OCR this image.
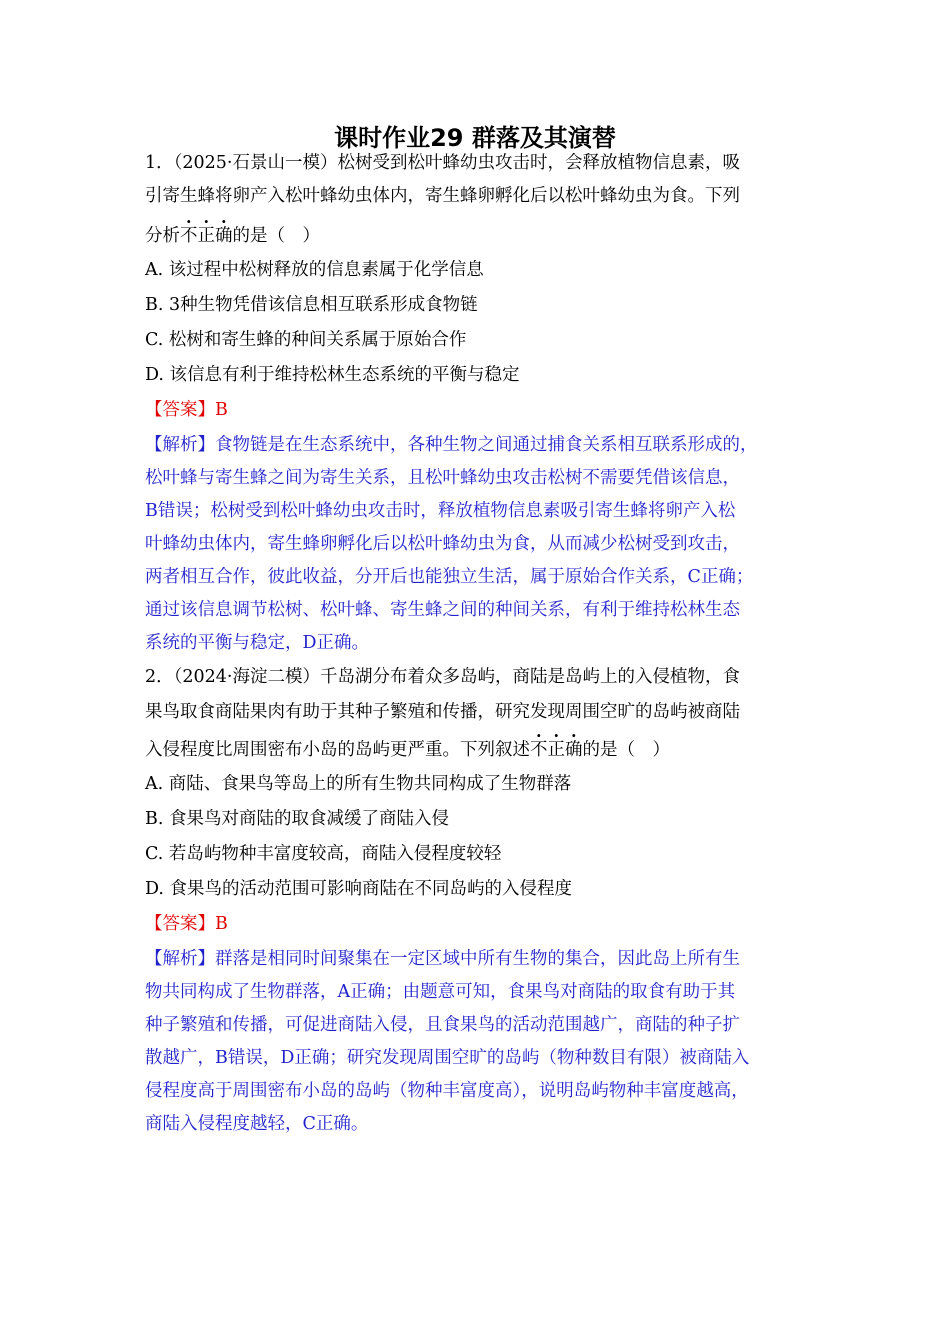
课时作业29 群落及其演替
1．（2025·石景山一模）松树受到松叶蜂幼虫攻击时，会释放植物信息素，吸
引寄生蜂将卵产入松叶蜂幼虫体内，寄生蜂卵孵化后以松叶蜂幼虫为食。下列
分析不正确的是（　）
A. 该过程中松树释放的信息素属于化学信息
B. 3种生物凭借该信息相互联系形成食物链
C. 松树和寄生蜂的种间关系属于原始合作
D. 该信息有利于维持松林生态系统的平衡与稳定
【答案】B
【解析】食物链是在生态系统中，各种生物之间通过捕食关系相互联系形成的，
松叶蜂与寄生蜂之间为寄生关系，且松叶蜂幼虫攻击松树不需要凭借该信息，
B错误；松树受到松叶蜂幼虫攻击时，释放植物信息素吸引寄生蜂将卵产入松
叶蜂幼虫体内，寄生蜂卵孵化后以松叶蜂幼虫为食，从而减少松树受到攻击，
两者相互合作，彼此收益，分开后也能独立生活，属于原始合作关系，C正确；
通过该信息调节松树、松叶蜂、寄生蜂之间的种间关系，有利于维持松林生态
系统的平衡与稳定，D正确。
2．（2024·海淀二模）千岛湖分布着众多岛屿，商陆是岛屿上的入侵植物，食
果鸟取食商陆果肉有助于其种子繁殖和传播，研究发现周围空旷的岛屿被商陆
入侵程度比周围密布小岛的岛屿更严重。下列叙述不正确的是（　）
A. 商陆、食果鸟等岛上的所有生物共同构成了生物群落
B. 食果鸟对商陆的取食减缓了商陆入侵
C. 若岛屿物种丰富度较高，商陆入侵程度较轻
D. 食果鸟的活动范围可影响商陆在不同岛屿的入侵程度
【答案】B
【解析】群落是相同时间聚集在一定区域中所有生物的集合，因此岛上所有生
物共同构成了生物群落，A正确；由题意可知，食果鸟对商陆的取食有助于其
种子繁殖和传播，可促进商陆入侵，且食果鸟的活动范围越广，商陆的种子扩
散越广，B错误，D正确；研究发现周围空旷的岛屿（物种数目有限）被商陆入
侵程度高于周围密布小岛的岛屿（物种丰富度高），说明岛屿物种丰富度越高，
商陆入侵程度越轻，C正确。
